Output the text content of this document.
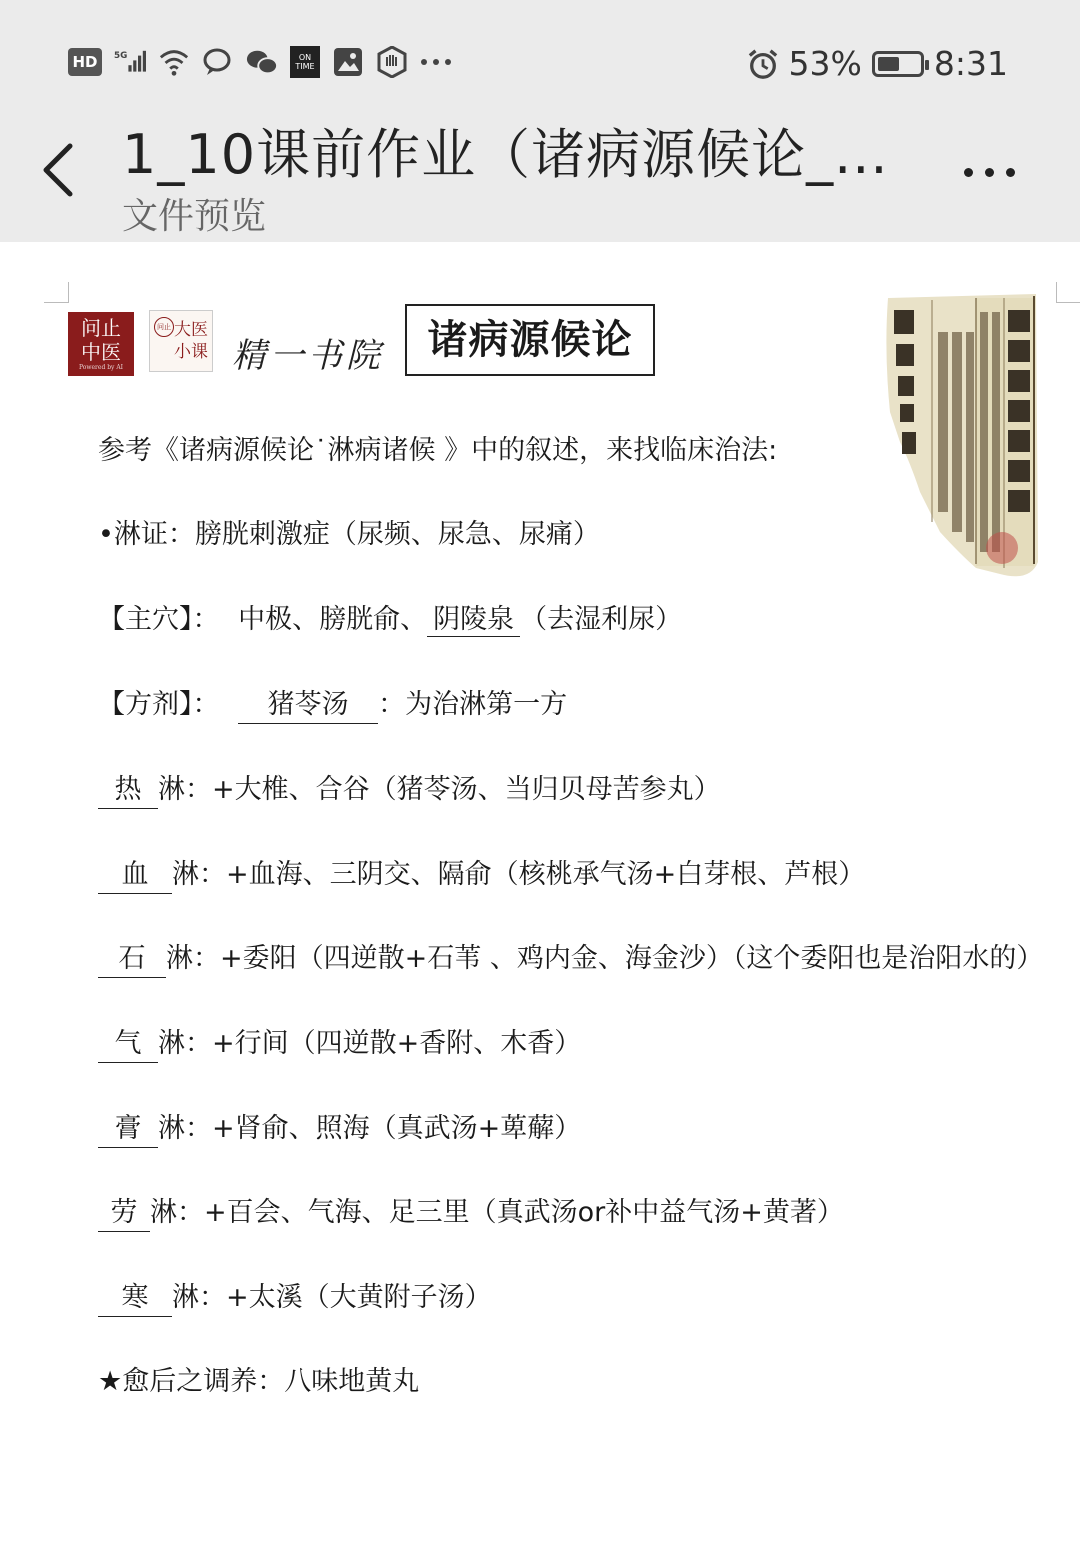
HD	5G	ON TIME	53% 8:31
1_10课前作业（诸病源候论_...
文件预览
问止
中医
Powered by AI
问止 大医
小课 精一书院	诸病源候论
参考《诸病源候论˙淋病诸候 》中的叙述，来找临床治法:
•淋证：膀胱刺激症（尿频、尿急、尿痛）
【主穴】： 中极、膀胱俞、 阴陵泉 （去湿利尿）
【方剂】： 猪苓汤 ：为治淋第一方
热 淋：+大椎、合谷（猪苓汤、当归贝母苦参丸）
血 淋：+血海、三阴交、隔俞（核桃承气汤+白芽根、芦根）
石 淋：+委阳（四逆散+石苇 、鸡内金、海金沙）（这个委阳也是治阳水的）
气 淋：+行间（四逆散+香附、木香）
膏 淋：+肾俞、照海（真武汤+萆薢）
劳 淋：+百会、气海、足三里（真武汤or补中益气汤+黄著）
寒 淋：+太溪（大黄附子汤）
★愈后之调养：八味地黄丸
